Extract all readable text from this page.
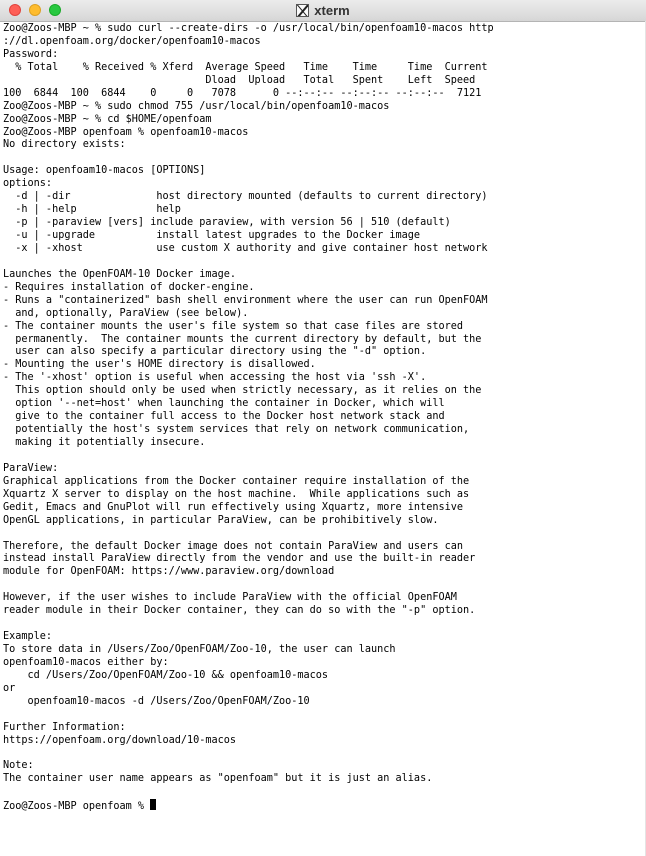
xterm
Zoo@Zoos-MBP ~ % sudo curl --create-dirs -o /usr/local/bin/openfoam10-macos http
://dl.openfoam.org/docker/openfoam10-macos
Password:
% Total    % Received % Xferd  Average Speed   Time    Time     Time  Current
Dload  Upload   Total   Spent    Left  Speed
100  6844  100  6844    0     0   7078      0 --:--:-- --:--:-- --:--:--  7121
Zoo@Zoos-MBP ~ % sudo chmod 755 /usr/local/bin/openfoam10-macos
Zoo@Zoos-MBP ~ % cd $HOME/openfoam
Zoo@Zoos-MBP openfoam % openfoam10-macos
No directory exists:
Usage: openfoam10-macos [OPTIONS]
options:
-d | -dir              host directory mounted (defaults to current directory)
-h | -help             help
-p | -paraview [vers] include paraview, with version 56 | 510 (default)
-u | -upgrade          install latest upgrades to the Docker image
-x | -xhost            use custom X authority and give container host network
Launches the OpenFOAM-10 Docker image.
- Requires installation of docker-engine.
- Runs a "containerized" bash shell environment where the user can run OpenFOAM
and, optionally, ParaView (see below).
- The container mounts the user's file system so that case files are stored
permanently.  The container mounts the current directory by default, but the
user can also specify a particular directory using the "-d" option.
- Mounting the user's HOME directory is disallowed.
- The '-xhost' option is useful when accessing the host via 'ssh -X'.
This option should only be used when strictly necessary, as it relies on the
option '--net=host' when launching the container in Docker, which will
give to the container full access to the Docker host network stack and
potentially the host's system services that rely on network communication,
making it potentially insecure.
ParaView:
Graphical applications from the Docker container require installation of the
Xquartz X server to display on the host machine.  While applications such as
Gedit, Emacs and GnuPlot will run effectively using Xquartz, more intensive
OpenGL applications, in particular ParaView, can be prohibitively slow.
Therefore, the default Docker image does not contain ParaView and users can
instead install ParaView directly from the vendor and use the built-in reader
module for OpenFOAM: https://www.paraview.org/download
However, if the user wishes to include ParaView with the official OpenFOAM
reader module in their Docker container, they can do so with the "-p" option.
Example:
To store data in /Users/Zoo/OpenFOAM/Zoo-10, the user can launch
openfoam10-macos either by:
cd /Users/Zoo/OpenFOAM/Zoo-10 && openfoam10-macos
or
openfoam10-macos -d /Users/Zoo/OpenFOAM/Zoo-10
Further Information:
https://openfoam.org/download/10-macos
Note:
The container user name appears as "openfoam" but it is just an alias.
Zoo@Zoos-MBP openfoam %
